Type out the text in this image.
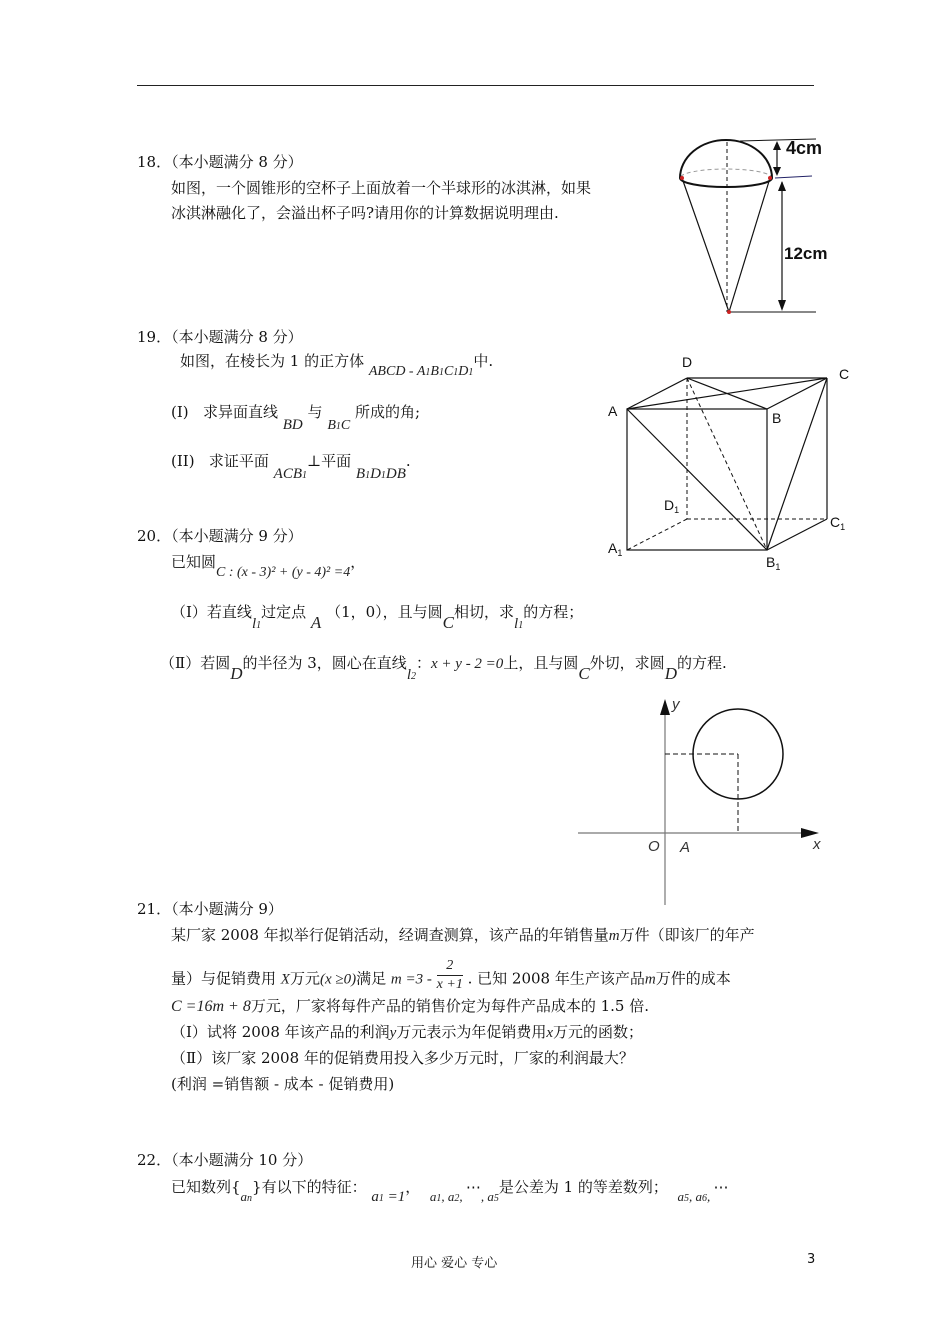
18．（本小题满分 8 分）
如图，一个圆锥形的空杯子上面放着一个半球形的冰淇淋，如果
冰淇淋融化了，会溢出杯子吗?请用你的计算数据说明理由.
4cm
12cm
19．（本小题满分 8 分）
如图，在棱长为 1 的正方体 ABCD - A1B1C1D1中.
(I) 求异面直线 BD 与 B1C 所成的角;
(II) 求证平面 ACB1⊥平面 B1D1DB.
D
C
A	B
$D_1$
$C_1$
$A_1$
$B_1$
20．（本小题满分 9 分）
已知圆C : (x - 3)² + (y - 4)² =4，
（Ⅰ）若直线l1过定点 A （1，0），且与圆C相切，求l1的方程；
（Ⅱ）若圆D的半径为 3，圆心在直线l2：x + y - 2 =0上，且与圆C外切，求圆D的方程.
y
x
O A
21．（本小题满分 9）
某厂家 2008 年拟举行促销活动，经调查测算，该产品的年销售量m万件（即该厂的年产
量）与促销费用 X万元(x ≥0)满足 $m =3 - \frac{2}{x +1}$ . 已知 2008 年生产该产品m万件的成本
C =16m + 8万元，厂家将每件产品的销售价定为每件产品成本的 1.5 倍.
（Ⅰ）试将 2008 年该产品的利润y万元表示为年促销费用x万元的函数；
（Ⅱ）该厂家 2008 年的促销费用投入多少万元时，厂家的利润最大？
(利润 =销售额 - 成本 - 促销费用)
22．（本小题满分 10 分）
已知数列{an}有以下的特征： a1 =1，  a1, a2, ⋯, a5是公差为 1 的等差数列；  a5, a6, ⋯
用心 爱心 专心	3
